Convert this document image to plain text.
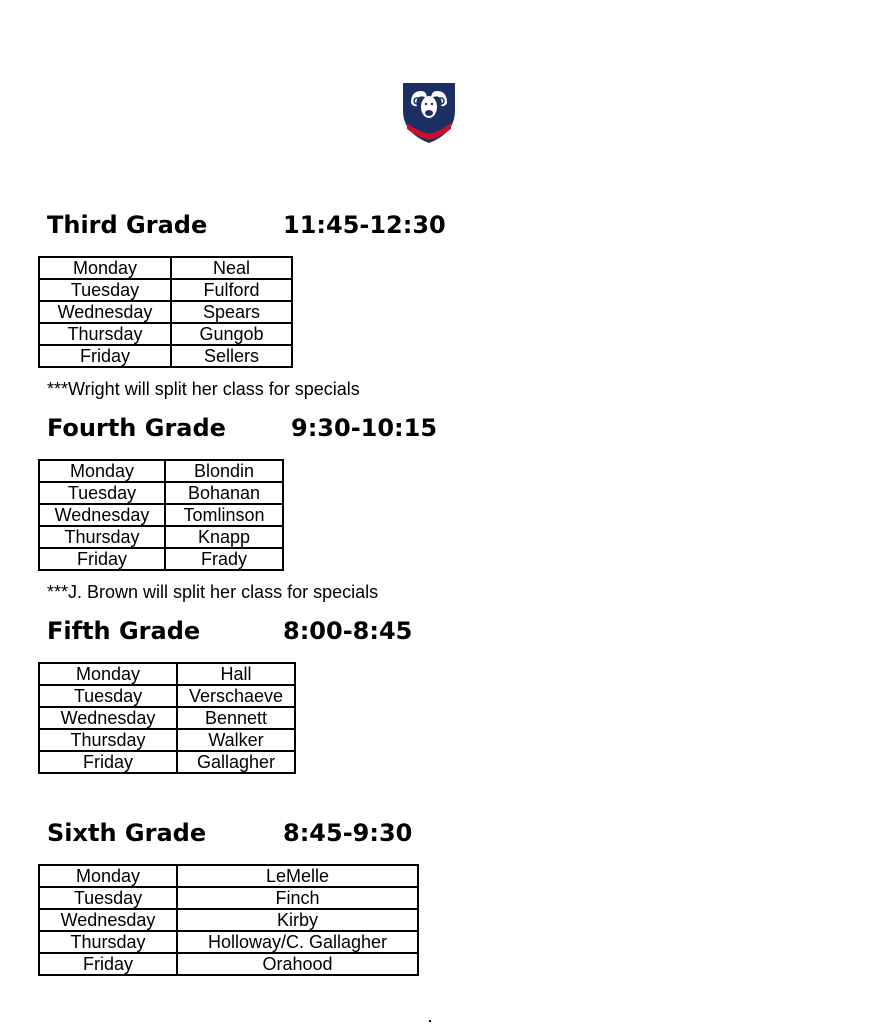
Third Grade	11:45-12:30
Monday	Neal
Tuesday	Fulford
Wednesday	Spears
Thursday	Gungob
Friday	Sellers

***Wright will split her class for specials

Fourth Grade	9:30-10:15
Monday	Blondin
Tuesday	Bohanan
Wednesday	Tomlinson
Thursday	Knapp
Friday	Frady

***J. Brown will split her class for specials

Fifth Grade	8:00-8:45
Monday	Hall
Tuesday	Verschaeve
Wednesday	Bennett
Thursday	Walker
Friday	Gallagher
Sixth Grade	8:45-9:30
Monday	LeMelle
Tuesday	Finch
Wednesday	Kirby
Thursday	Holloway/C. Gallagher
Friday	Orahood
